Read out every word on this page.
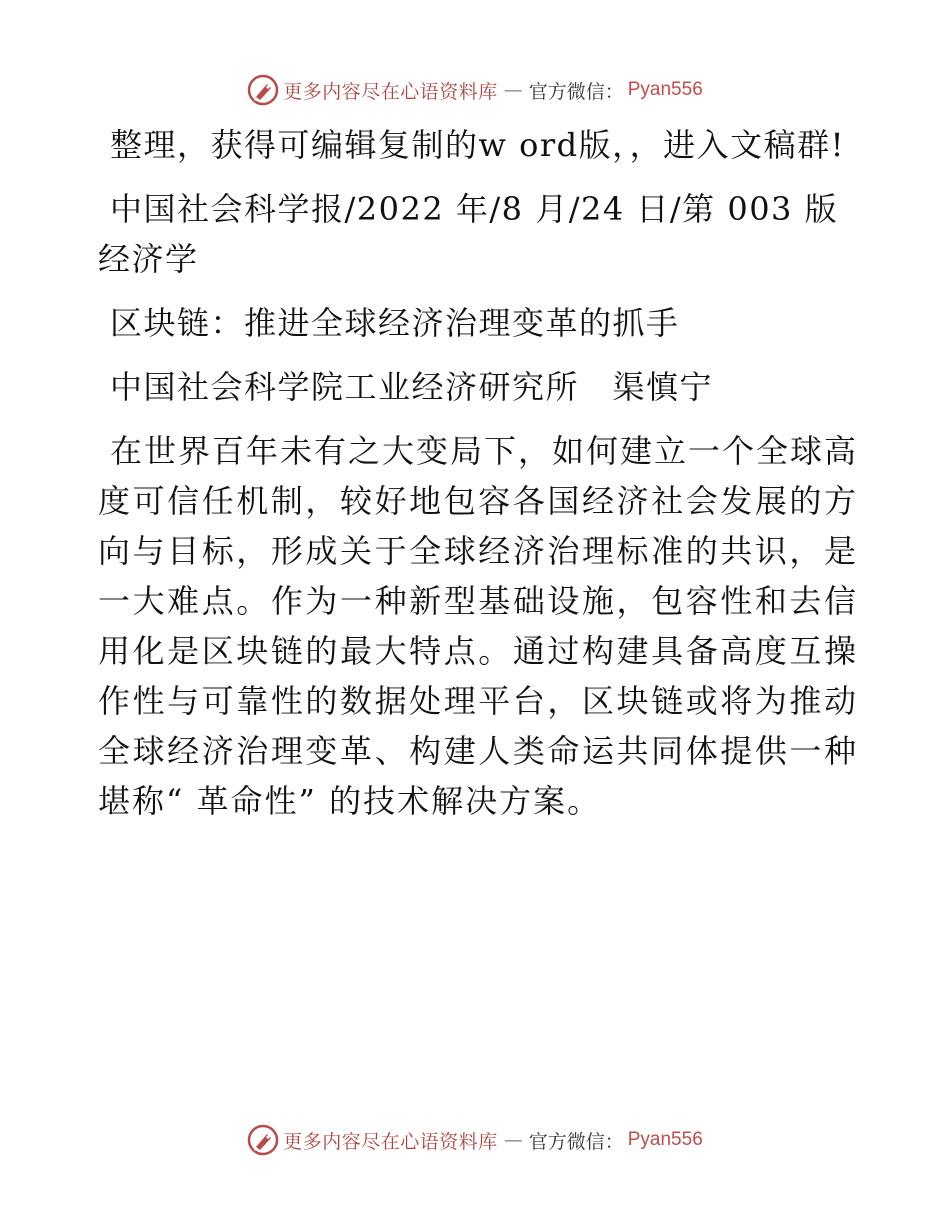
更多内容尽在心语资料库 — 官方微信： Pyan556

整理，获得可编辑复制的w ord版，，进入文稿群!

中国社会科学报/2022 年/8 月/24 日/第 003 版经济学

区块链：推进全球经济治理变革的抓手

中国社会科学院工业经济研究所　渠慎宁

在世界百年未有之大变局下，如何建立一个全球高度可信任机制，较好地包容各国经济社会发展的方向与目标，形成关于全球经济治理标准的共识，是一大难点。作为一种新型基础设施，包容性和去信用化是区块链的最大特点。通过构建具备高度互操作性与可靠性的数据处理平台，区块链或将为推动全球经济治理变革、构建人类命运共同体提供一种堪称“ 革命性” 的技术解决方案。

更多内容尽在心语资料库 — 官方微信： Pyan556
